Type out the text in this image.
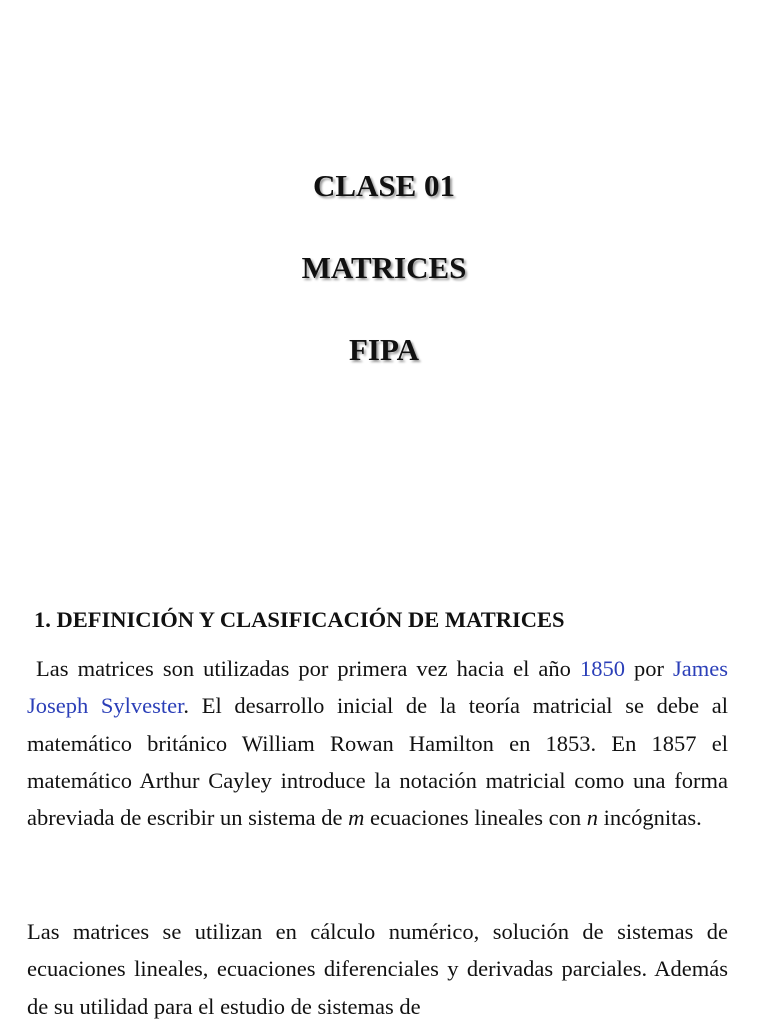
CLASE 01
MATRICES
FIPA
1. DEFINICIÓN Y CLASIFICACIÓN DE MATRICES

Las matrices son utilizadas por primera vez hacia el año 1850 por James Joseph Sylvester. El desarrollo inicial de la teoría matricial se debe al matemático británico William Rowan Hamilton en 1853. En 1857 el matemático Arthur Cayley introduce la notación matricial como una forma abreviada de escribir un sistema de m ecuaciones lineales con n incógnitas.

Las matrices se utilizan en cálculo numérico, solución de sistemas de ecuaciones lineales, ecuaciones diferenciales y derivadas parciales. Además de su utilidad para el estudio de sistemas de
